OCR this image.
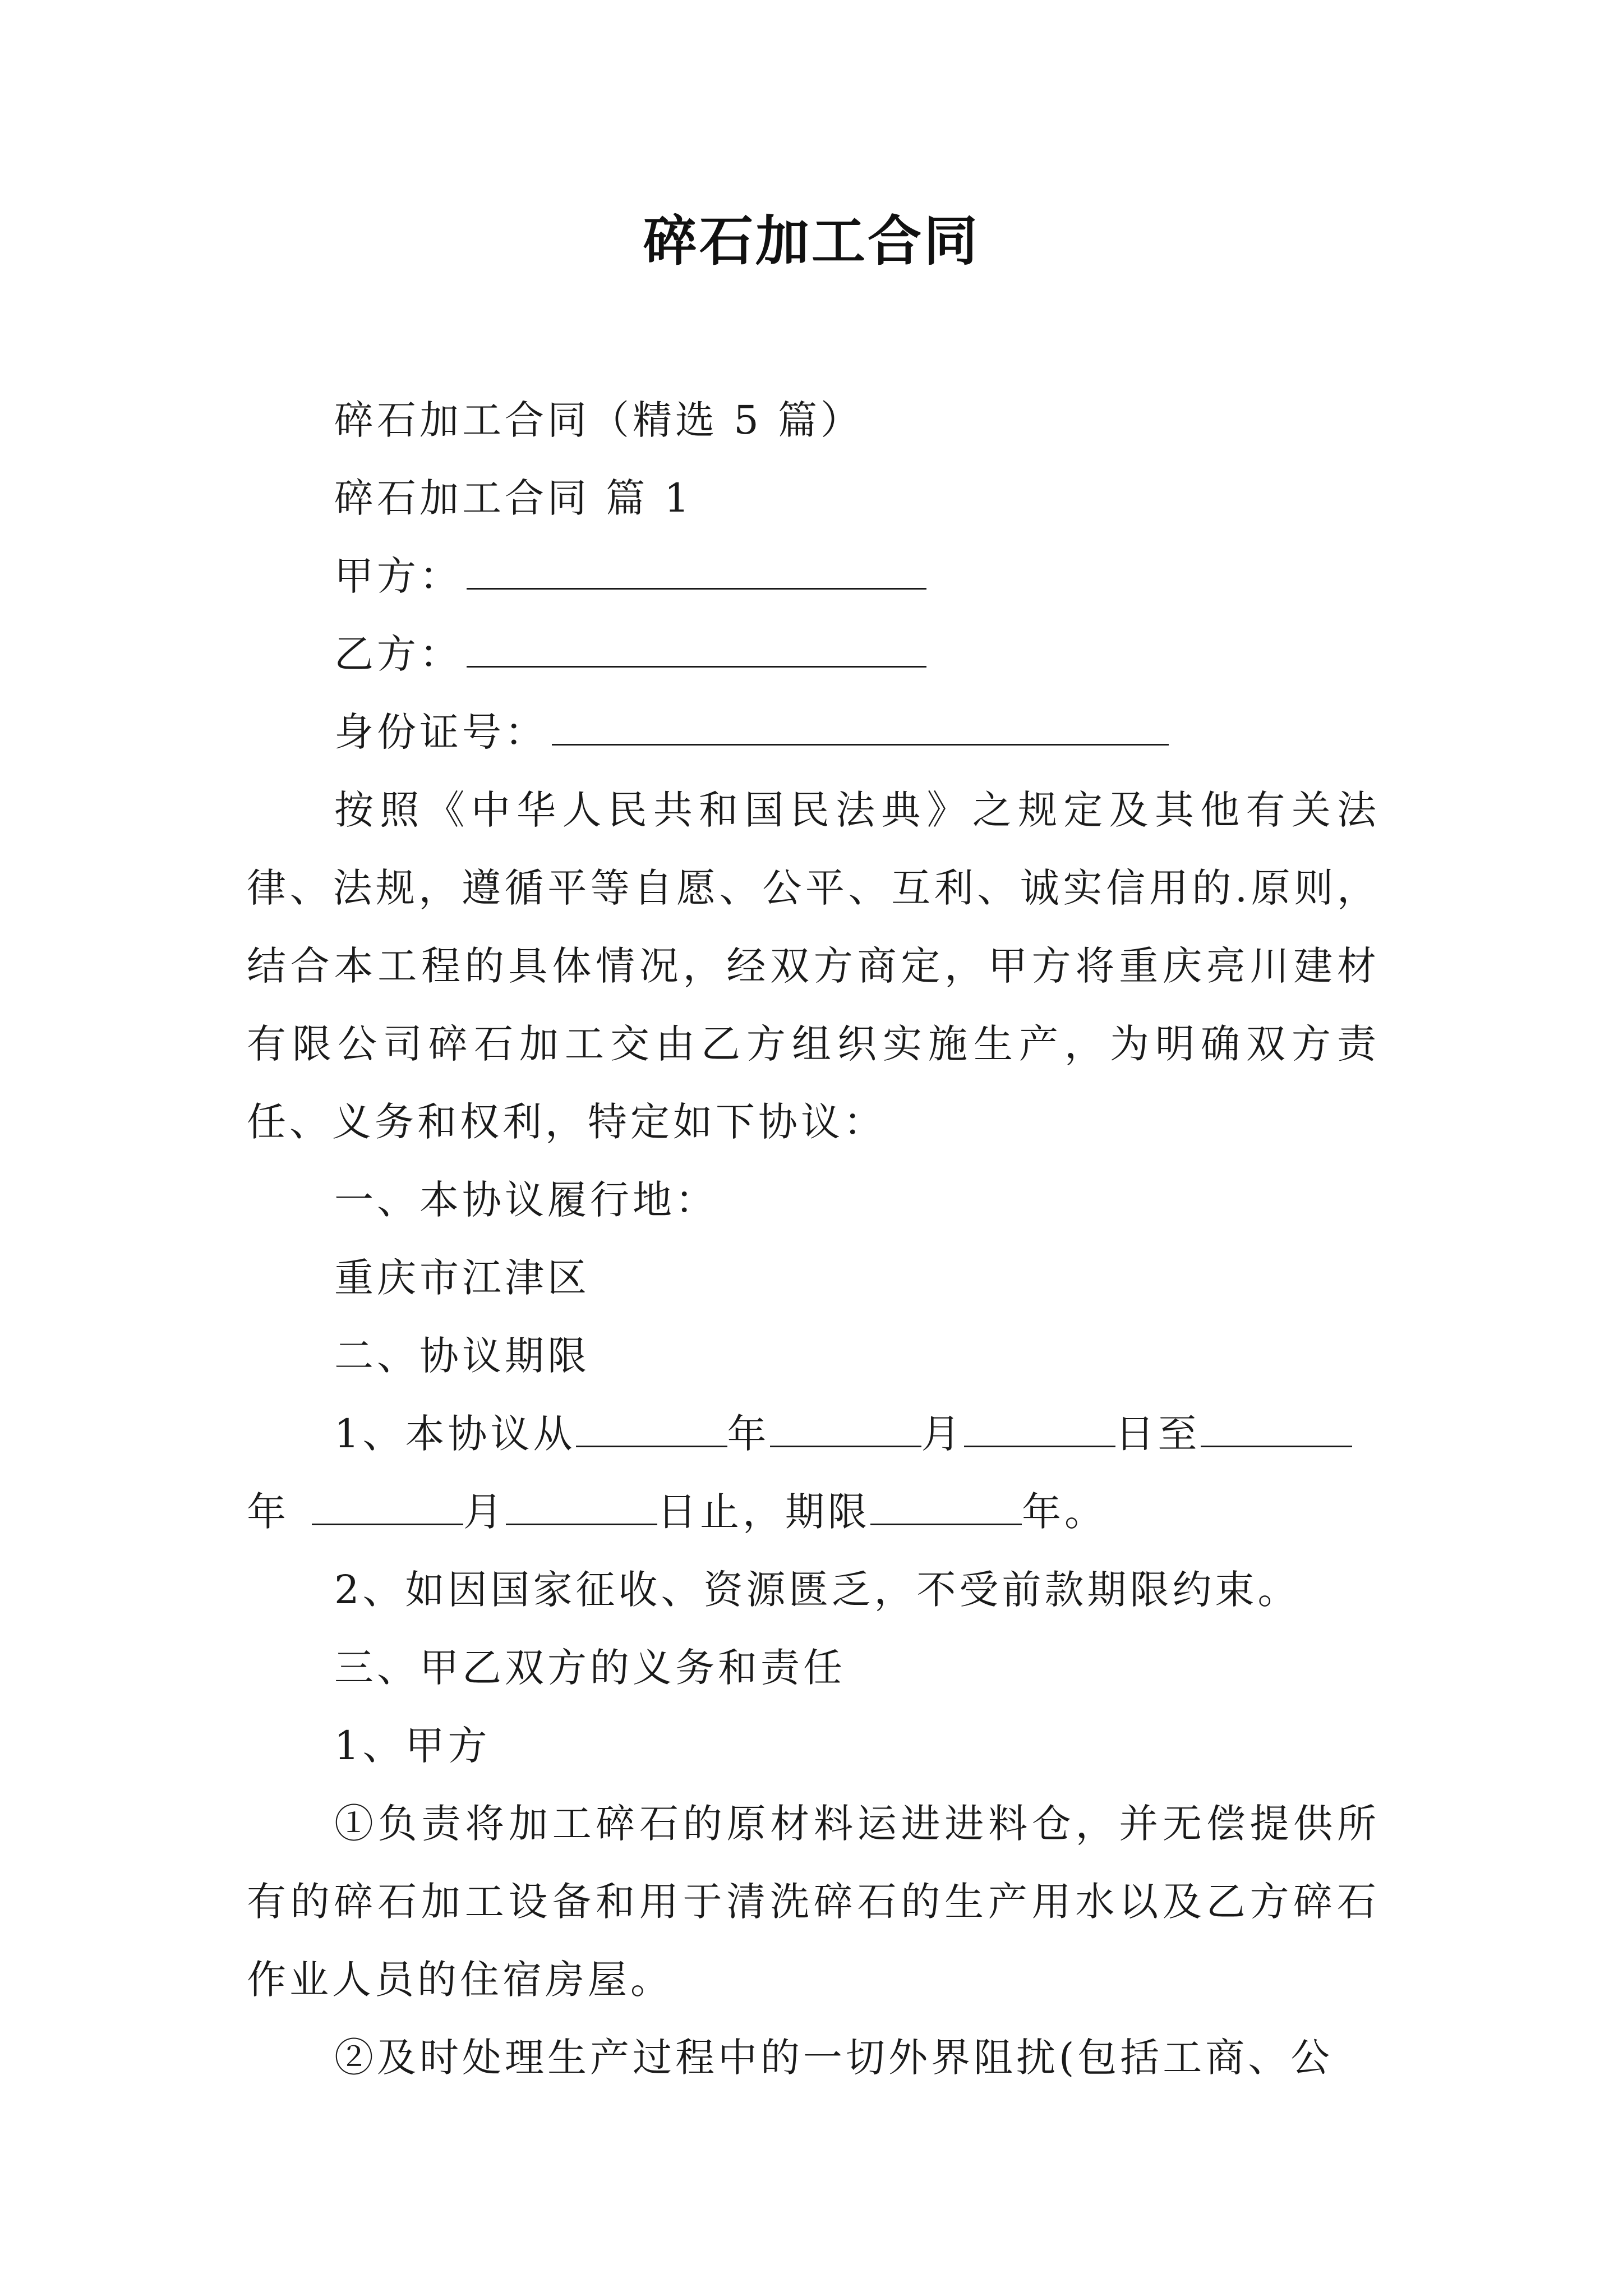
碎石加工合同

碎石加工合同（精选 5 篇）

碎石加工合同 篇 1

甲方：

乙方：

身份证号：

按照《中华人民共和国民法典》之规定及其他有关法律、法规，遵循平等自愿、公平、互利、诚实信用的.原则，结合本工程的具体情况，经双方商定，甲方将重庆亮川建材有限公司碎石加工交由乙方组织实施生产，为明确双方责任、义务和权利，特定如下协议：

一、本协议履行地：

重庆市江津区

二、协议期限

1、本协议从	年	月	日至

年	月	日止，期限	年。

2、如因国家征收、资源匮乏，不受前款期限约束。

三、甲乙双方的义务和责任

1、甲方

①负责将加工碎石的原材料运进进料仓，并无偿提供所有的碎石加工设备和用于清洗碎石的生产用水以及乙方碎石作业人员的住宿房屋。

②及时处理生产过程中的一切外界阻扰(包括工商、公
